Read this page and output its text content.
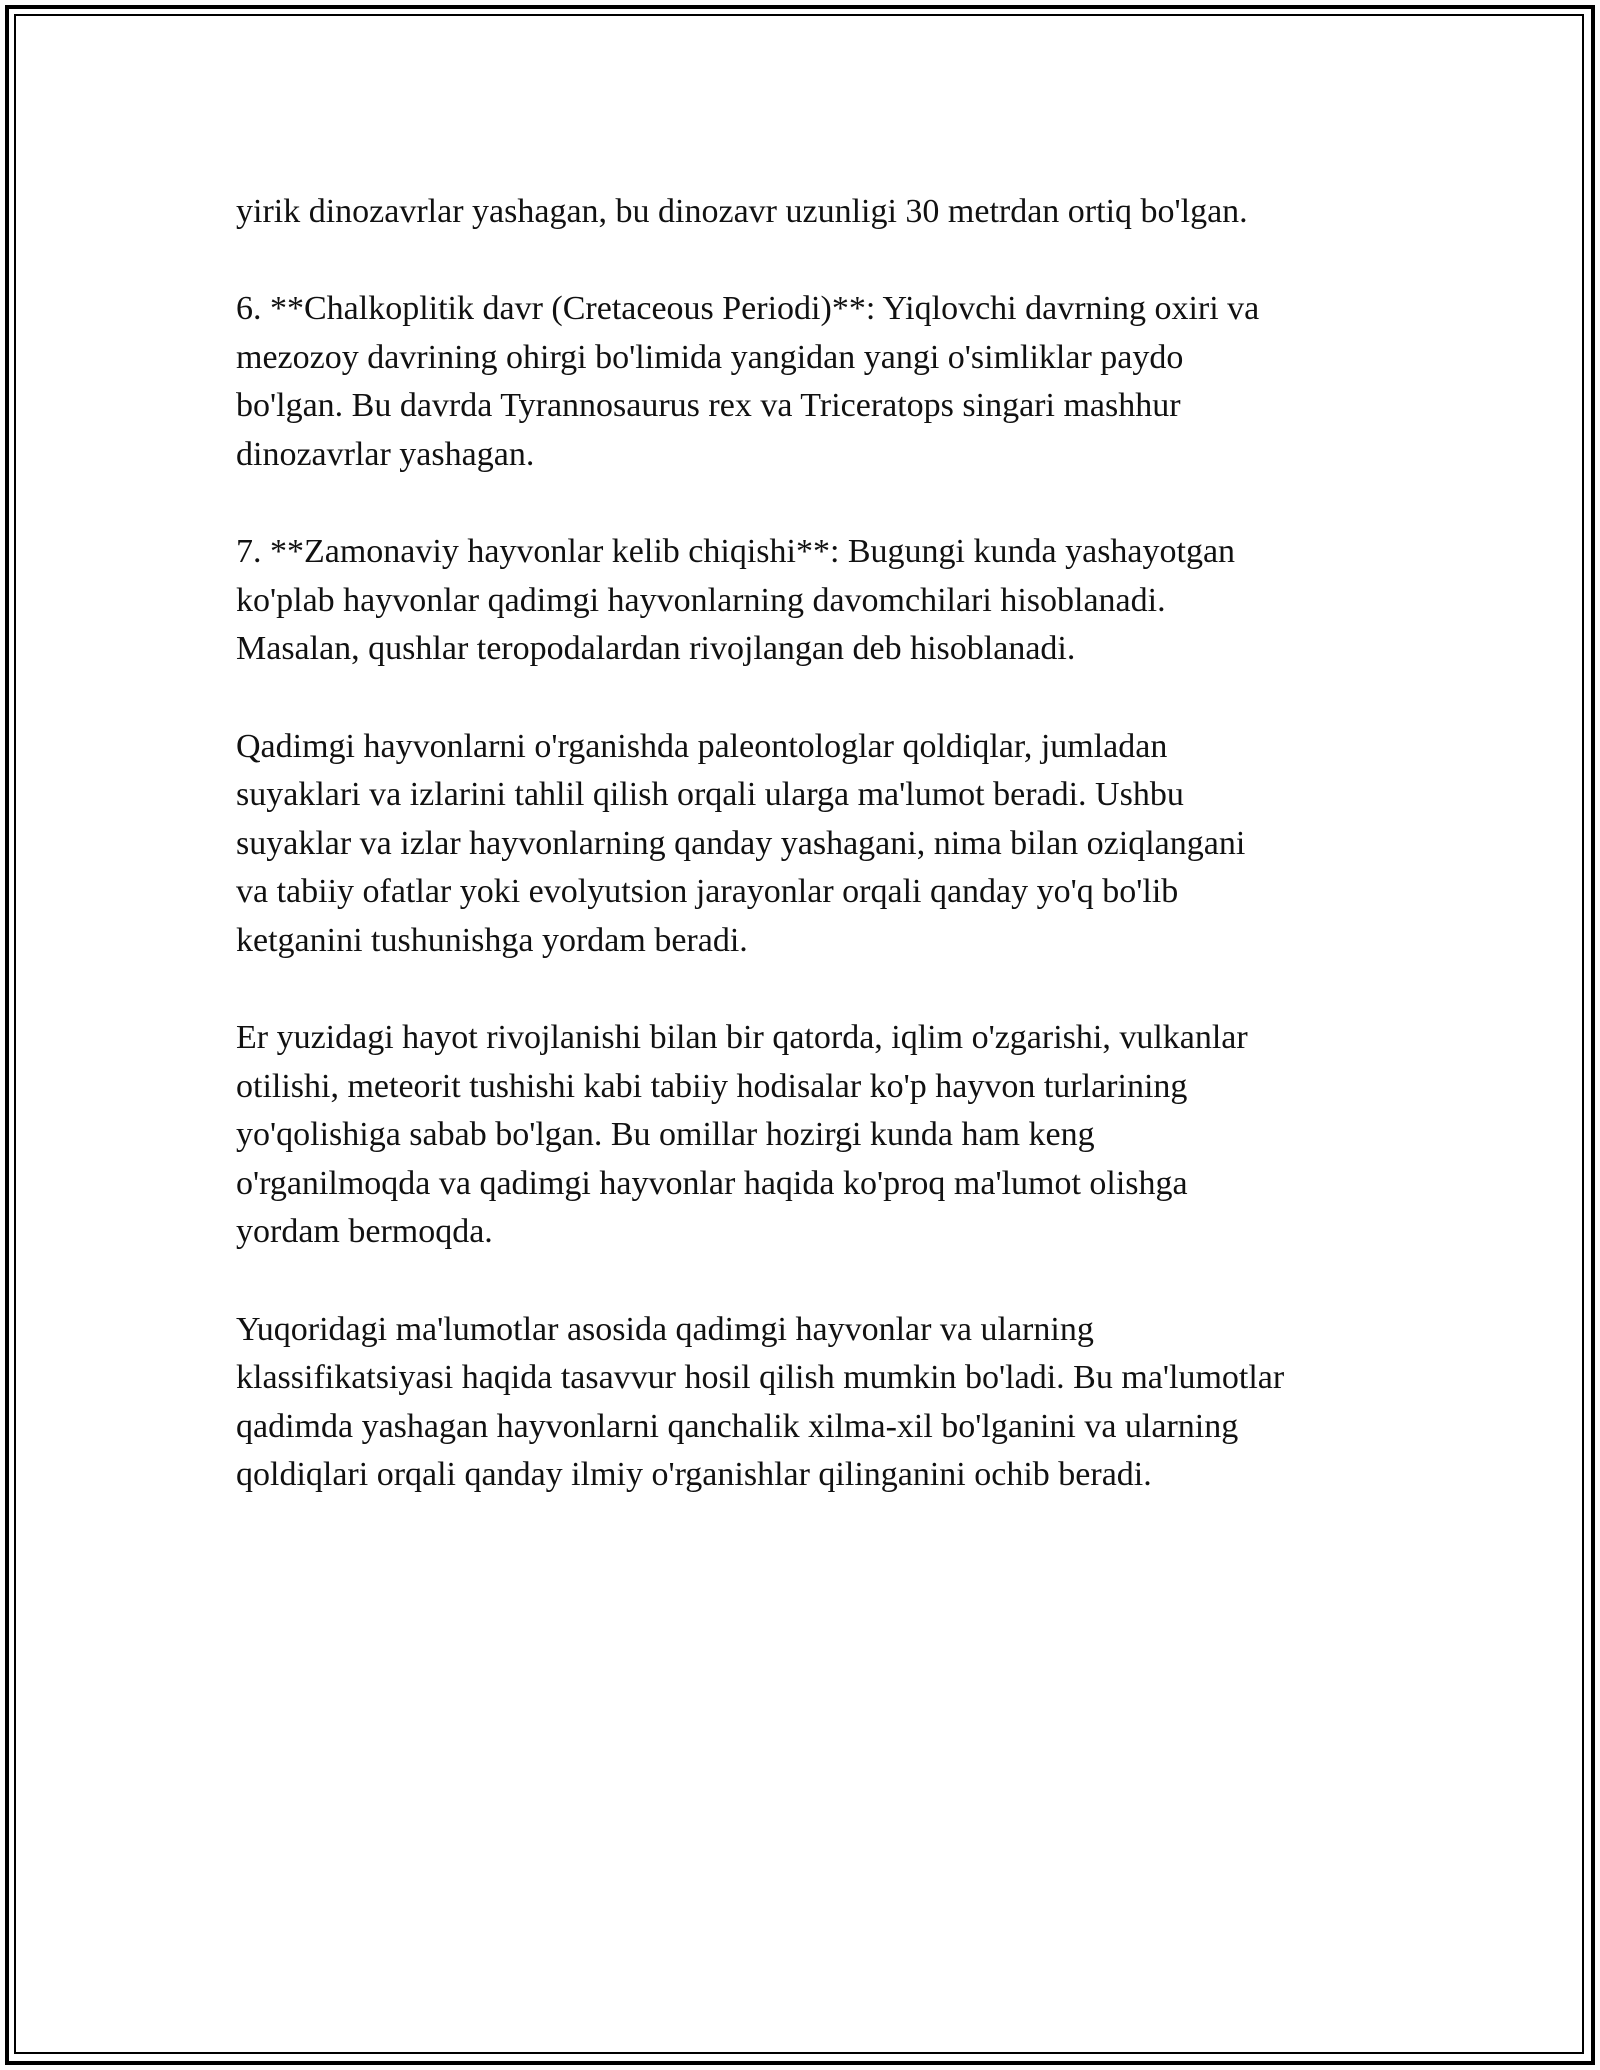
yirik dinozavrlar yashagan, bu dinozavr uzunligi 30 metrdan ortiq bo'lgan.

6. **Chalkoplitik davr (Cretaceous Periodi)**: Yiqlovchi davrning oxiri va
mezozoy davrining ohirgi bo'limida yangidan yangi o'simliklar paydo
bo'lgan. Bu davrda Tyrannosaurus rex va Triceratops singari mashhur
dinozavrlar yashagan.

7. **Zamonaviy hayvonlar kelib chiqishi**: Bugungi kunda yashayotgan
ko'plab hayvonlar qadimgi hayvonlarning davomchilari hisoblanadi.
Masalan, qushlar teropodalardan rivojlangan deb hisoblanadi.

Qadimgi hayvonlarni o'rganishda paleontologlar qoldiqlar, jumladan
suyaklari va izlarini tahlil qilish orqali ularga ma'lumot beradi. Ushbu
suyaklar va izlar hayvonlarning qanday yashagani, nima bilan oziqlangani
va tabiiy ofatlar yoki evolyutsion jarayonlar orqali qanday yo'q bo'lib
ketganini tushunishga yordam beradi.

Er yuzidagi hayot rivojlanishi bilan bir qatorda, iqlim o'zgarishi, vulkanlar
otilishi, meteorit tushishi kabi tabiiy hodisalar ko'p hayvon turlarining
yo'qolishiga sabab bo'lgan. Bu omillar hozirgi kunda ham keng
o'rganilmoqda va qadimgi hayvonlar haqida ko'proq ma'lumot olishga
yordam bermoqda.

Yuqoridagi ma'lumotlar asosida qadimgi hayvonlar va ularning
klassifikatsiyasi haqida tasavvur hosil qilish mumkin bo'ladi. Bu ma'lumotlar
qadimda yashagan hayvonlarni qanchalik xilma-xil bo'lganini va ularning
qoldiqlari orqali qanday ilmiy o'rganishlar qilinganini ochib beradi.
